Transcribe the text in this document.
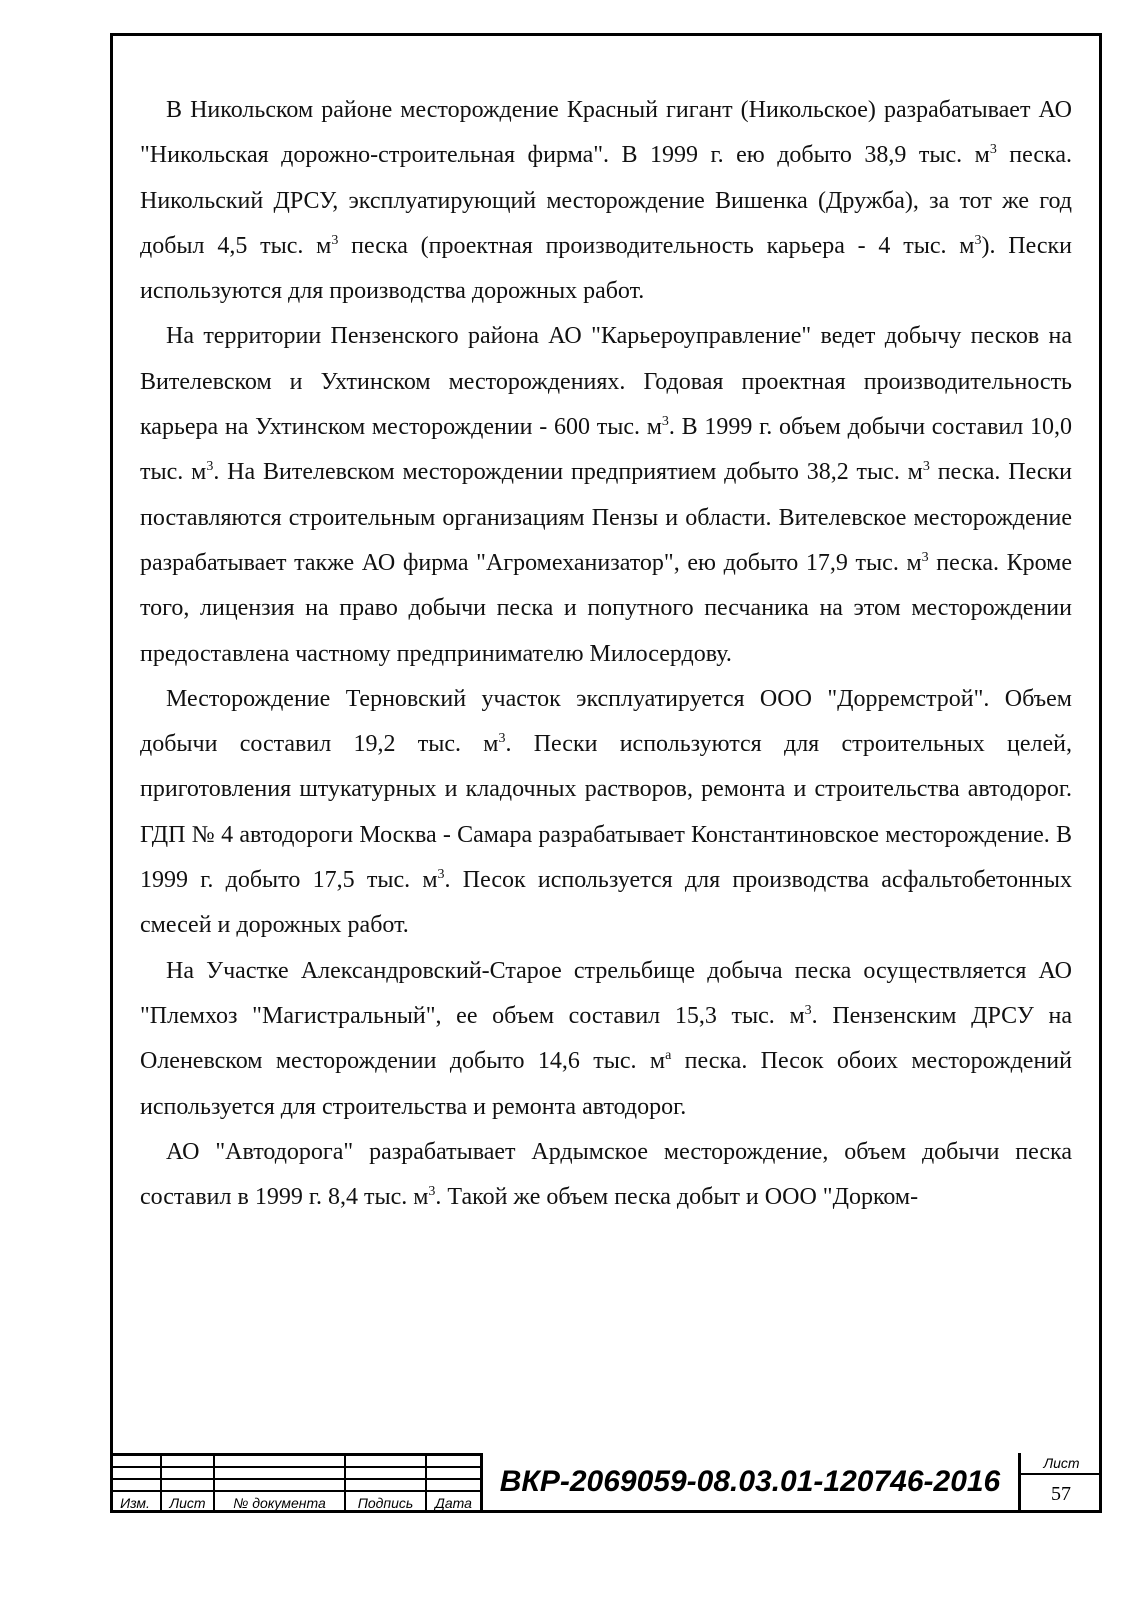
В Никольском районе месторождение Красный гигант (Никольское) разрабатывает АО "Никольская дорожно-строительная фирма". В 1999 г. ею добыто 38,9 тыс. $м^3$ песка. Никольский ДРСУ, эксплуатирующий месторождение Вишенка (Дружба), за тот же год добыл 4,5 тыс. $м^3$ песка (проектная производительность карьера - 4 тыс. $м^3$). Пески используются для производства дорожных работ.

На территории Пензенского района АО "Карьероуправление" ведет добычу песков на Вителевском и Ухтинском месторождениях. Годовая проектная производительность карьера на Ухтинском месторождении - 600 тыс. $м^3$. В 1999 г. объем добычи составил 10,0 тыс. $м^3$. На Вителевском месторождении предприятием добыто 38,2 тыс. $м^3$ песка. Пески поставляются строительным организациям Пензы и области. Вителевское месторождение разрабатывает также АО фирма "Агромеханизатор", ею добыто 17,9 тыс. $м^3$ песка. Кроме того, лицензия на право добычи песка и попутного песчаника на этом месторождении предоставлена частному предпринимателю Милосердову.

Месторождение Терновский участок эксплуатируется ООО "Дорремстрой". Объем добычи составил 19,2 тыс. $м^3$. Пески используются для строительных целей, приготовления штукатурных и кладочных растворов, ремонта и строительства автодорог. ГДП № 4 автодороги Москва - Самара разрабатывает Константиновское месторождение. В 1999 г. добыто 17,5 тыс. $м^3$. Песок используется для производства асфальтобетонных смесей и дорожных работ.

На Участке Александровский-Старое стрельбище добыча песка осуществляется АО "Племхоз "Магистральный", ее объем составил 15,3 тыс. $м^3$. Пензенским ДРСУ на Оленевском месторождении добыто 14,6 тыс. $м^а$ песка. Песок обоих месторождений используется для строительства и ремонта автодорог.

АО "Автодорога" разрабатывает Ардымское месторождение, объем добычи песка составил в 1999 г. 8,4 тыс. $м^3$. Такой же объем песка добыт и ООО "Дорком-

Изм.	Лист	№ документа	Подпись	Дата
ВКР-2069059-08.03.01-120746-2016
Лист
57
